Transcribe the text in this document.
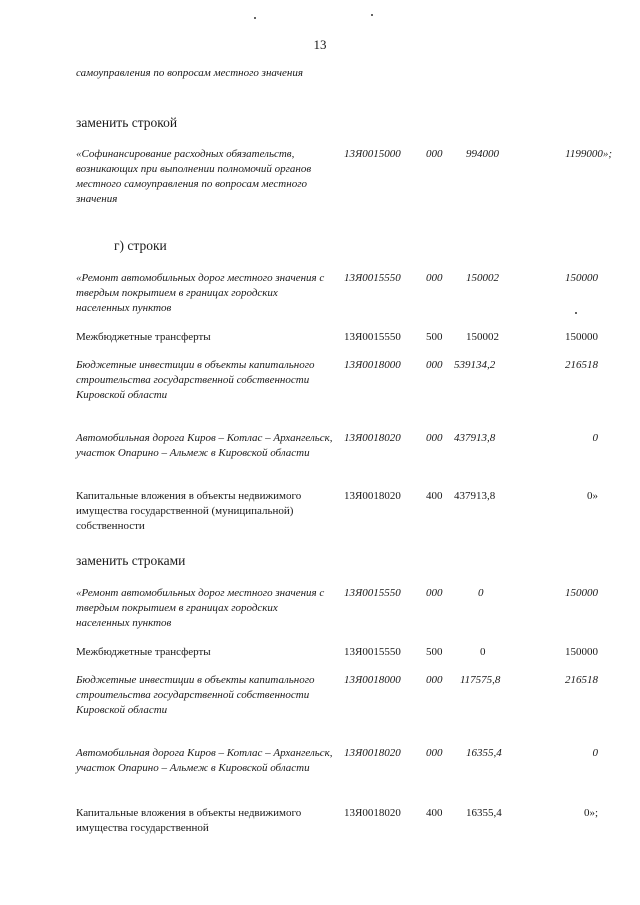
13
самоуправления по вопросам местного значения
заменить строкой
«Софинансирование расходных обязательств, возникающих при выполнении полномочий органов местного самоуправления по вопросам местного значения
13Я0015000	000	994000	1199000»;
г) строки
«Ремонт автомобильных дорог местного значения с твердым покрытием в границах городских населенных пунктов
13Я0015550	000	150002	150000
Межбюджетные трансферты	13Я0015550	500	150002	150000
Бюджетные инвестиции в объекты капитального строительства государственной собственности Кировской области
13Я0018000	000	539134,2	216518
Автомобильная дорога Киров – Котлас – Архангельск, участок Опарино – Альмеж в Кировской области
13Я0018020	000	437913,8	0
Капитальные вложения в объекты недвижимого имущества государственной (муниципальной) собственности
13Я0018020	400	437913,8	0»
заменить строками
«Ремонт автомобильных дорог местного значения с твердым покрытием в границах городских населенных пунктов
13Я0015550	000	0	150000
Межбюджетные трансферты	13Я0015550	500	0	150000
Бюджетные инвестиции в объекты капитального строительства государственной собственности Кировской области
13Я0018000	000	117575,8	216518
Автомобильная дорога Киров – Котлас – Архангельск, участок Опарино – Альмеж в Кировской области
13Я0018020	000	16355,4	0
Капитальные вложения в объекты недвижимого имущества государственной
13Я0018020	400	16355,4	0»;
